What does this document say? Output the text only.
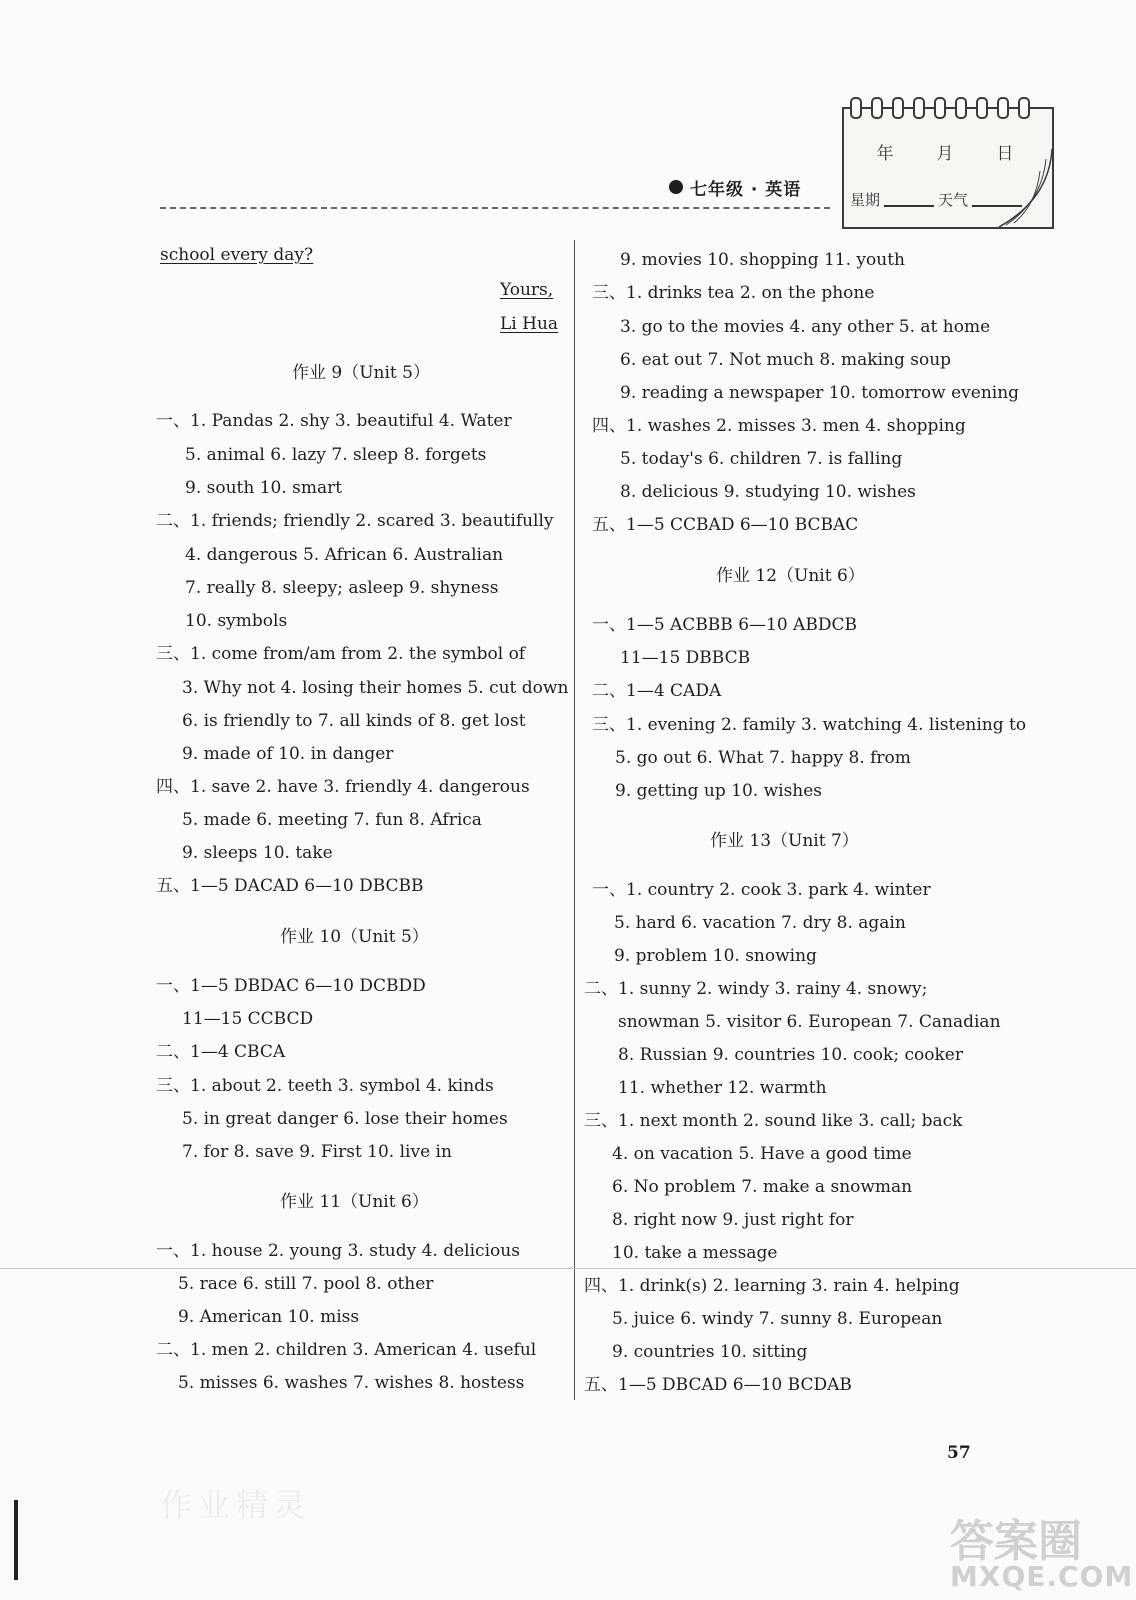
七年级 · 英语
年 月 日
星期	天气
school every day?
Yours,
Li Hua
作业 9（Unit 5）
一、1. Pandas 2. shy 3. beautiful 4. Water
5. animal 6. lazy 7. sleep 8. forgets
9. south 10. smart
二、1. friends; friendly 2. scared 3. beautifully
4. dangerous 5. African 6. Australian
7. really 8. sleepy; asleep 9. shyness
10. symbols
三、1. come from/am from 2. the symbol of
3. Why not 4. losing their homes 5. cut down
6. is friendly to 7. all kinds of 8. get lost
9. made of 10. in danger
四、1. save 2. have 3. friendly 4. dangerous
5. made 6. meeting 7. fun 8. Africa
9. sleeps 10. take
五、1—5 DACAD 6—10 DBCBB
作业 10（Unit 5）
一、1—5 DBDAC 6—10 DCBDD
11—15 CCBCD
二、1—4 CBCA
三、1. about 2. teeth 3. symbol 4. kinds
5. in great danger 6. lose their homes
7. for 8. save 9. First 10. live in
作业 11（Unit 6）
一、1. house 2. young 3. study 4. delicious
5. race 6. still 7. pool 8. other
9. American 10. miss
二、1. men 2. children 3. American 4. useful
5. misses 6. washes 7. wishes 8. hostess
9. movies 10. shopping 11. youth
三、1. drinks tea 2. on the phone
3. go to the movies 4. any other 5. at home
6. eat out 7. Not much 8. making soup
9. reading a newspaper 10. tomorrow evening
四、1. washes 2. misses 3. men 4. shopping
5. today's 6. children 7. is falling
8. delicious 9. studying 10. wishes
五、1—5 CCBAD 6—10 BCBAC
作业 12（Unit 6）
一、1—5 ACBBB 6—10 ABDCB
11—15 DBBCB
二、1—4 CADA
三、1. evening 2. family 3. watching 4. listening to
5. go out 6. What 7. happy 8. from
9. getting up 10. wishes
作业 13（Unit 7）
一、1. country 2. cook 3. park 4. winter
5. hard 6. vacation 7. dry 8. again
9. problem 10. snowing
二、1. sunny 2. windy 3. rainy 4. snowy;
snowman 5. visitor 6. European 7. Canadian
8. Russian 9. countries 10. cook; cooker
11. whether 12. warmth
三、1. next month 2. sound like 3. call; back
4. on vacation 5. Have a good time
6. No problem 7. make a snowman
8. right now 9. just right for
10. take a message
四、1. drink(s) 2. learning 3. rain 4. helping
5. juice 6. windy 7. sunny 8. European
9. countries 10. sitting
五、1—5 DBCAD 6—10 BCDAB
57
作业精灵
答案圈
MXQE.COM
